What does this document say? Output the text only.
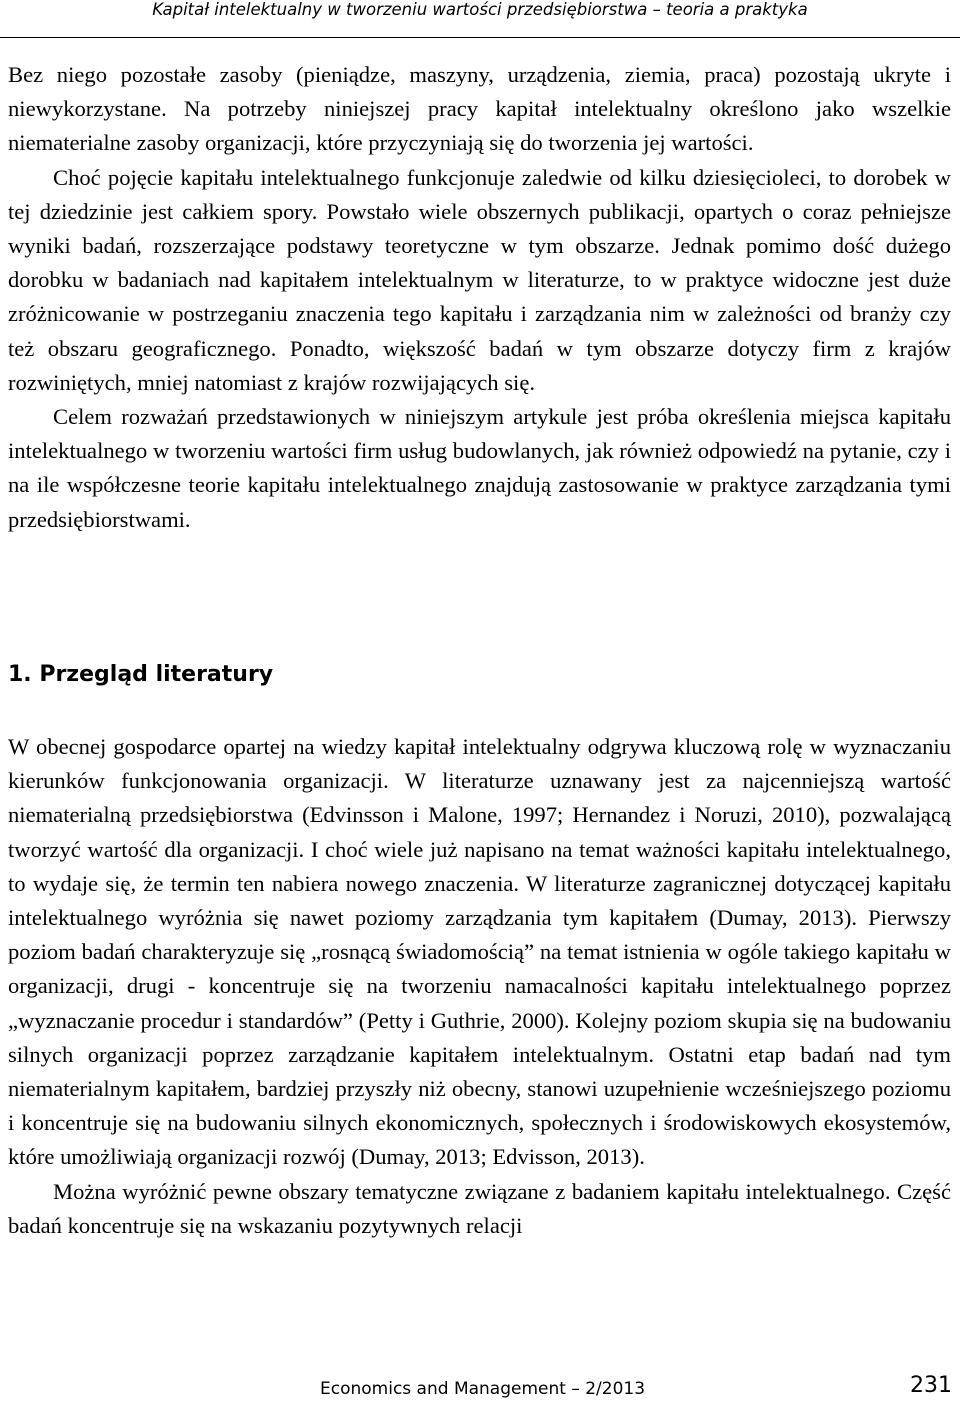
Kapitał intelektualny w tworzeniu wartości przedsiębiorstwa – teoria a praktyka

Bez niego pozostałe zasoby (pieniądze, maszyny, urządzenia, ziemia, praca) pozostają ukryte i niewykorzystane. Na potrzeby niniejszej pracy kapitał intelektualny określono jako wszelkie niematerialne zasoby organizacji, które przyczyniają się do tworzenia jej wartości.

Choć pojęcie kapitału intelektualnego funkcjonuje zaledwie od kilku dziesięcioleci, to dorobek w tej dziedzinie jest całkiem spory. Powstało wiele obszernych publikacji, opartych o coraz pełniejsze wyniki badań, rozszerzające podstawy teoretyczne w tym obszarze. Jednak pomimo dość dużego dorobku w badaniach nad kapitałem intelektualnym w literaturze, to w praktyce widoczne jest duże zróżnicowanie w postrzeganiu znaczenia tego kapitału i zarządzania nim w zależności od branży czy też obszaru geograficznego. Ponadto, większość badań w tym obszarze dotyczy firm z krajów rozwiniętych, mniej natomiast z krajów rozwijających się.

Celem rozważań przedstawionych w niniejszym artykule jest próba określenia miejsca kapitału intelektualnego w tworzeniu wartości firm usług budowlanych, jak również odpowiedź na pytanie, czy i na ile współczesne teorie kapitału intelektualnego znajdują zastosowanie w praktyce zarządzania tymi przedsiębiorstwami.

1. Przegląd literatury

W obecnej gospodarce opartej na wiedzy kapitał intelektualny odgrywa kluczową rolę w wyznaczaniu kierunków funkcjonowania organizacji. W literaturze uznawany jest za najcenniejszą wartość niematerialną przedsiębiorstwa (Edvinsson i Malone, 1997; Hernandez i Noruzi, 2010), pozwalającą tworzyć wartość dla organizacji. I choć wiele już napisano na temat ważności kapitału intelektualnego, to wydaje się, że termin ten nabiera nowego znaczenia. W literaturze zagranicznej dotyczącej kapitału intelektualnego wyróżnia się nawet poziomy zarządzania tym kapitałem (Dumay, 2013). Pierwszy poziom badań charakteryzuje się „rosnącą świadomością” na temat istnienia w ogóle takiego kapitału w organizacji, drugi - koncentruje się na tworzeniu namacalności kapitału intelektualnego poprzez „wyznaczanie procedur i standardów” (Petty i Guthrie, 2000). Kolejny poziom skupia się na budowaniu silnych organizacji poprzez zarządzanie kapitałem intelektualnym. Ostatni etap badań nad tym niematerialnym kapitałem, bardziej przyszły niż obecny, stanowi uzupełnienie wcześniejszego poziomu i koncentruje się na budowaniu silnych ekonomicznych, społecznych i środowiskowych ekosystemów, które umożliwiają organizacji rozwój (Dumay, 2013; Edvisson, 2013).

Można wyróżnić pewne obszary tematyczne związane z badaniem kapitału intelektualnego. Część badań koncentruje się na wskazaniu pozytywnych relacji

Economics and Management – 2/2013	231
